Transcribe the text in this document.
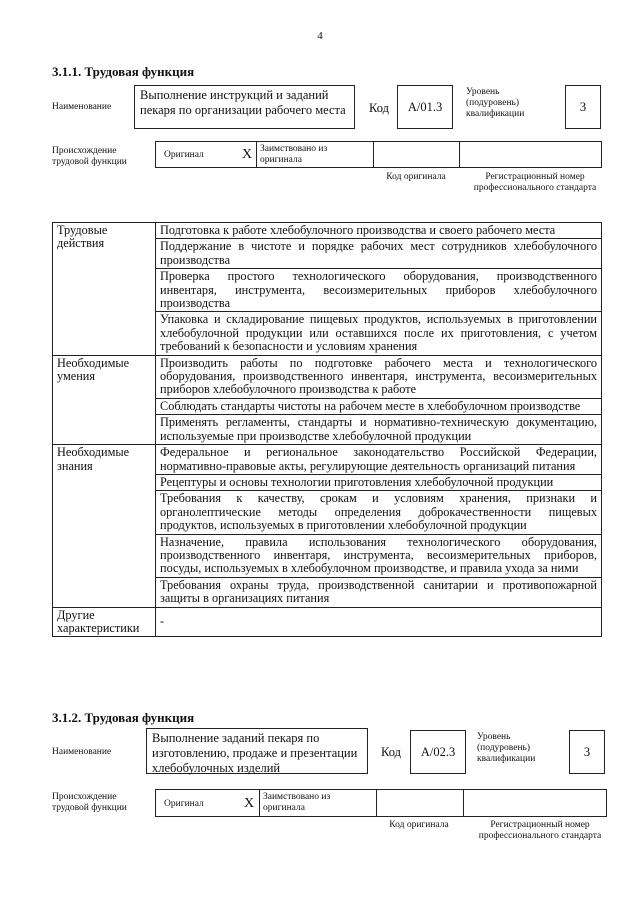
4
3.1.1. Трудовая функция
Наименование
Выполнение инструкций и заданий пекаря по организации рабочего места	Код	А/01.3
Уровень (подуровень) квалификации	3
Происхождение трудовой функции
Оригинал	X Заимствовано из оригинала
Код оригинала	Регистрационный номер профессионального стандарта
Трудовые действия	Подготовка к работе хлебобулочного производства и своего рабочего места
	Поддержание в чистоте и порядке рабочих мест сотрудников хлебобулочного производства
	Проверка простого технологического оборудования, производственного инвентаря, инструмента, весоизмерительных приборов хлебобулочного производства
	Упаковка и складирование пищевых продуктов, используемых в приготовлении хлебобулочной продукции или оставшихся после их приготовления, с учетом требований к безопасности и условиям хранения
Необходимые умения	Производить работы по подготовке рабочего места и технологического оборудования, производственного инвентаря, инструмента, весоизмерительных приборов хлебобулочного производства к работе
	Соблюдать стандарты чистоты на рабочем месте в хлебобулочном производстве
	Применять регламенты, стандарты и нормативно-техническую документацию, используемые при производстве хлебобулочной продукции
Необходимые знания	Федеральное и региональное законодательство Российской Федерации, нормативно-правовые акты, регулирующие деятельность организаций питания
	Рецептуры и основы технологии приготовления хлебобулочной продукции
	Требования к качеству, срокам и условиям хранения, признаки и органолептические методы определения доброкачественности пищевых продуктов, используемых в приготовлении хлебобулочной продукции
	Назначение, правила использования технологического оборудования, производственного инвентаря, инструмента, весоизмерительных приборов, посуды, используемых в хлебобулочном производстве, и правила ухода за ними
	Требования охраны труда, производственной санитарии и противопожарной защиты в организациях питания
Другие характеристики	-
3.1.2. Трудовая функция
Наименование
Выполнение заданий пекаря по изготовлению, продаже и презентации хлебобулочных изделий
Код	А/02.3
Уровень (подуровень) квалификации	3
Происхождение трудовой функции	Оригинал	X Заимствовано из оригинала
Код оригинала	Регистрационный номер профессионального стандарта
